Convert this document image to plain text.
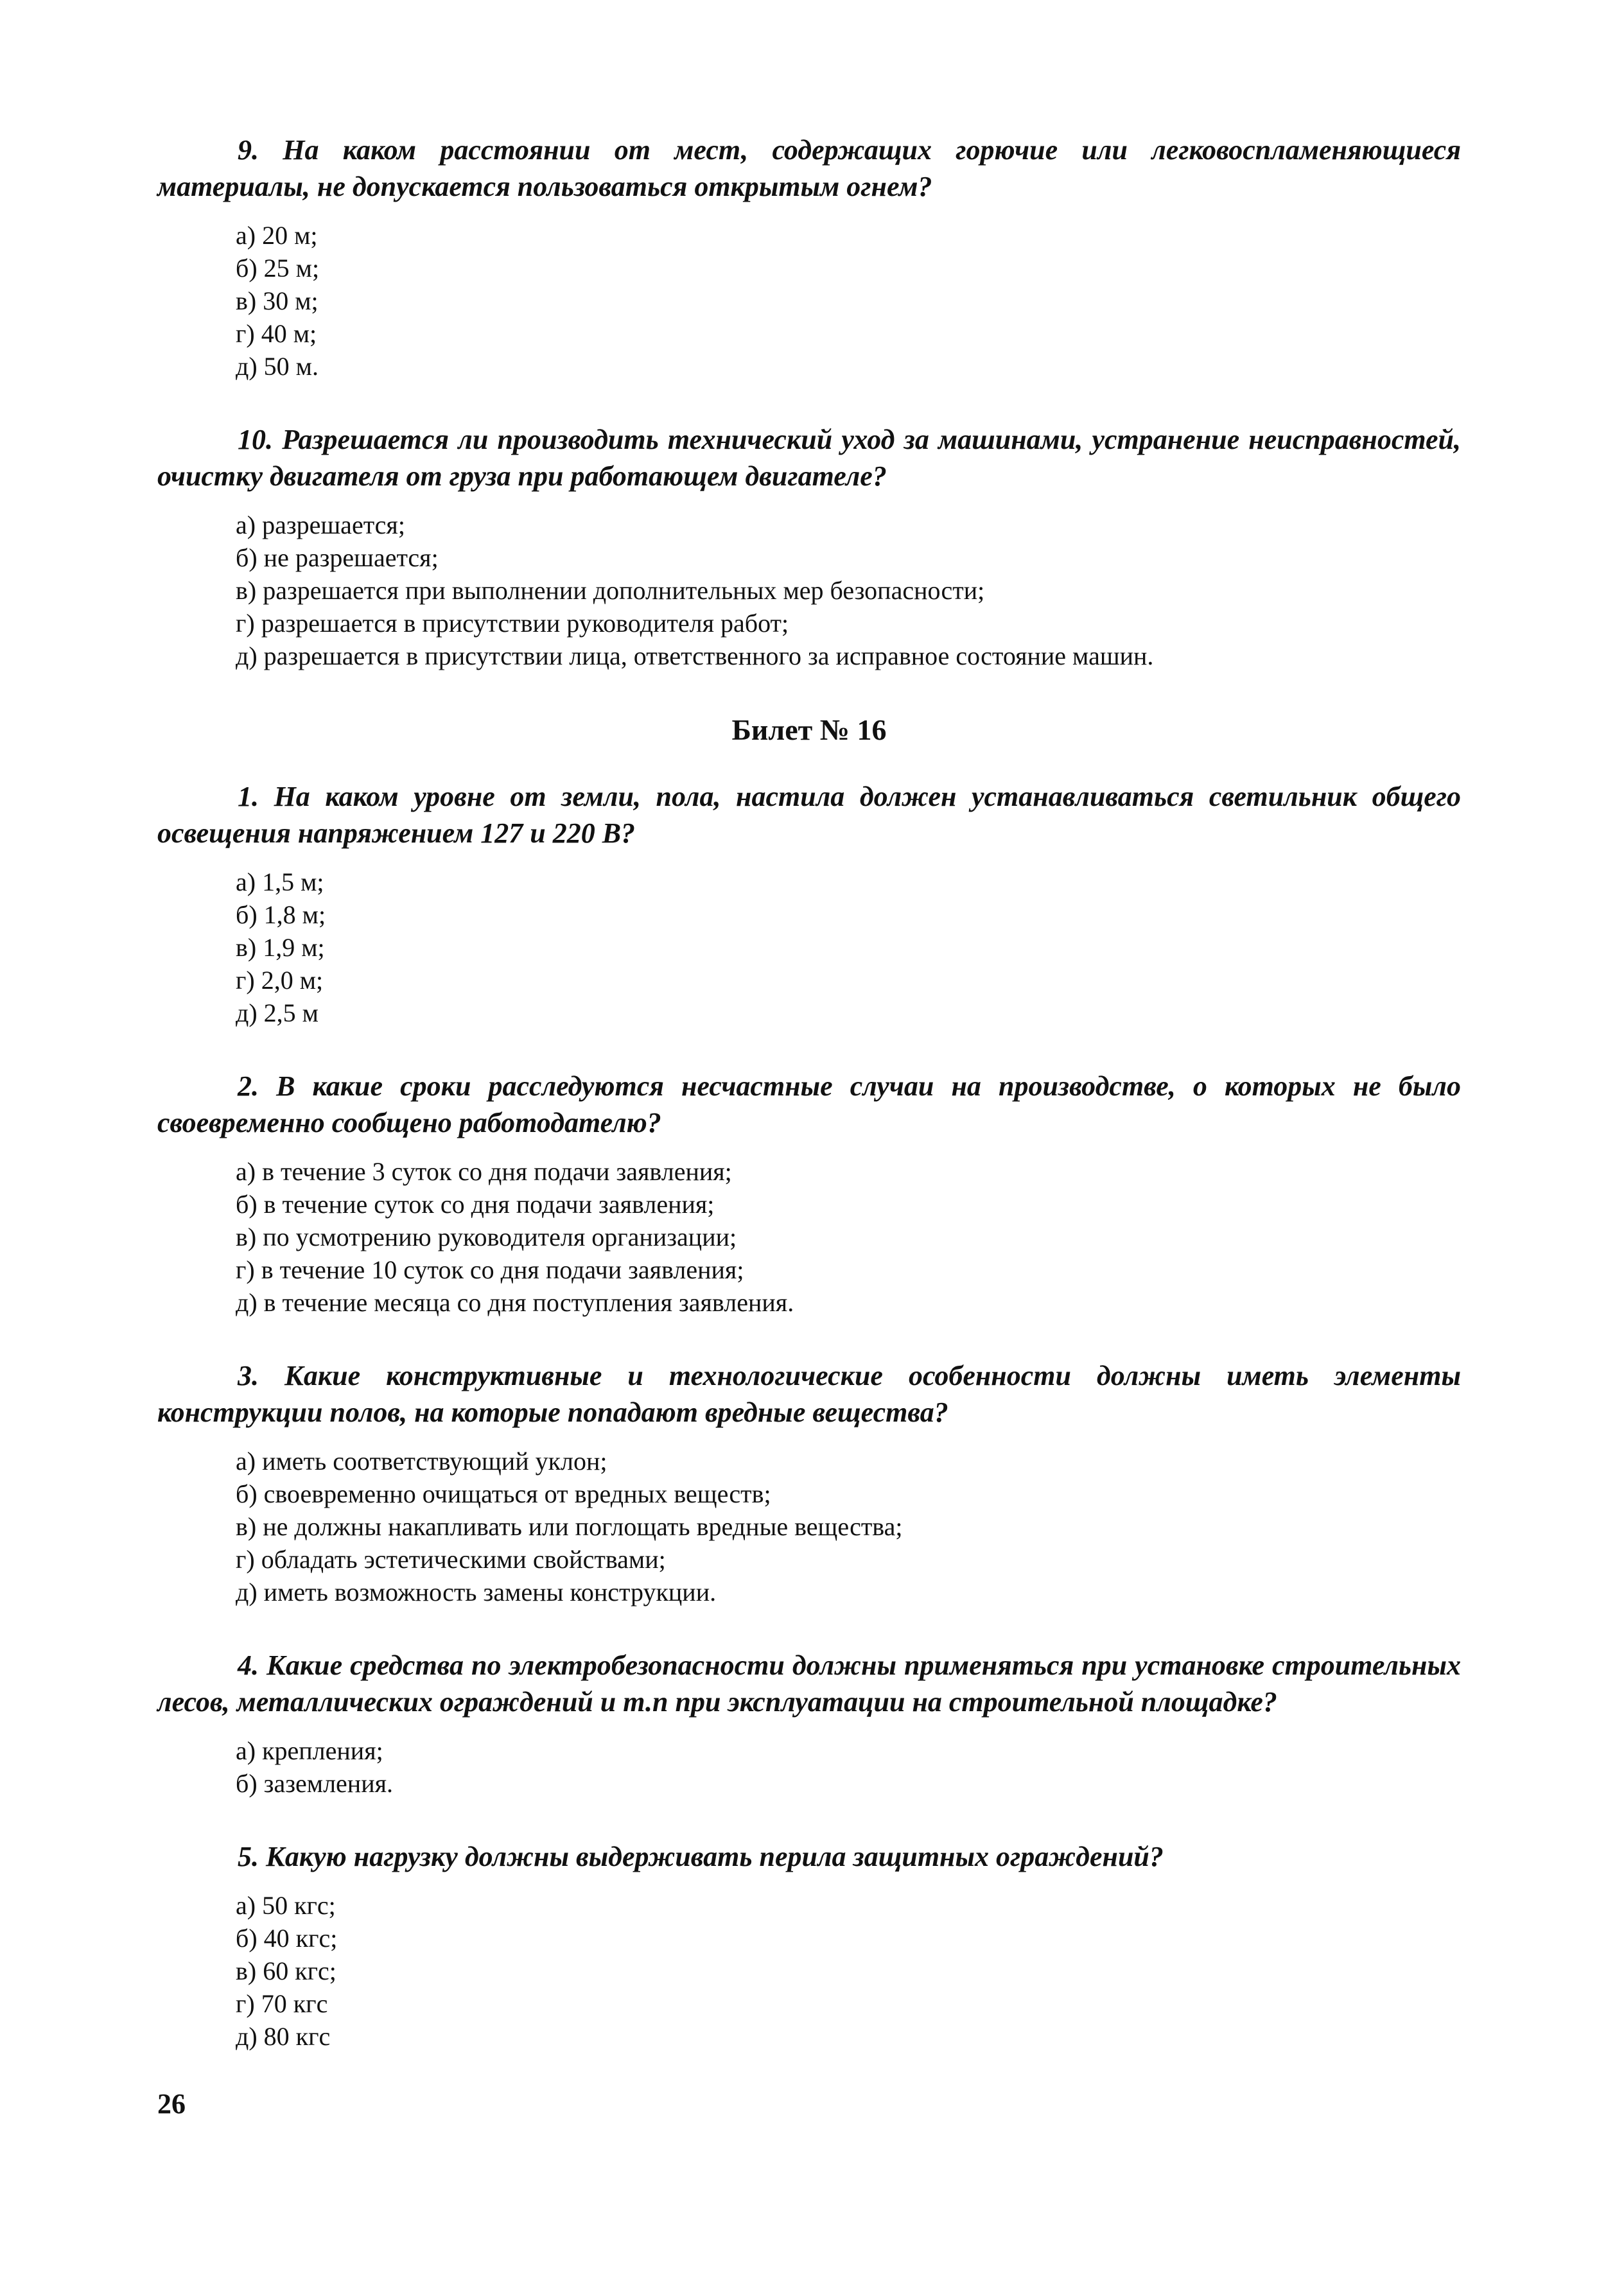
9. На каком расстоянии от мест, содержащих горючие или легковоспламеняющиеся материалы, не допускается пользоваться открытым огнем?

а) 20 м;
б) 25 м;
в) 30 м;
г) 40 м;
д) 50 м.

10. Разрешается ли производить технический уход за машинами, устранение неисправностей, очистку двигателя от груза при работающем двигателе?

а) разрешается;
б) не разрешается;
в) разрешается при выполнении дополнительных мер безопасности;
г) разрешается в присутствии руководителя работ;
д) разрешается в присутствии лица, ответственного за исправное состояние машин.
Билет № 16

1. На каком уровне от земли, пола, настила должен устанавливаться светильник общего освещения напряжением 127 и 220 В?

а) 1,5 м;
б) 1,8 м;
в) 1,9 м;
г) 2,0 м;
д) 2,5 м

2. В какие сроки расследуются несчастные случаи на производстве, о которых не было своевременно сообщено работодателю?

а) в течение 3 суток со дня подачи заявления;
б) в течение суток со дня подачи заявления;
в) по усмотрению руководителя организации;
г) в течение 10 суток со дня подачи заявления;
д) в течение месяца со дня поступления заявления.

3. Какие конструктивные и технологические особенности должны иметь элементы конструкции полов, на которые попадают вредные вещества?

а) иметь соответствующий уклон;
б) своевременно очищаться от вредных веществ;
в) не должны накапливать или поглощать вредные вещества;
г) обладать эстетическими свойствами;
д) иметь возможность замены конструкции.

4. Какие средства по электробезопасности должны применяться при установке строительных лесов, металлических ограждений и т.п при эксплуатации на строительной площадке?

а) крепления;
б) заземления.

5. Какую нагрузку должны выдерживать перила защитных ограждений?

а) 50 кгс;
б) 40 кгс;
в) 60 кгс;
г) 70 кгс
д) 80 кгс
26
